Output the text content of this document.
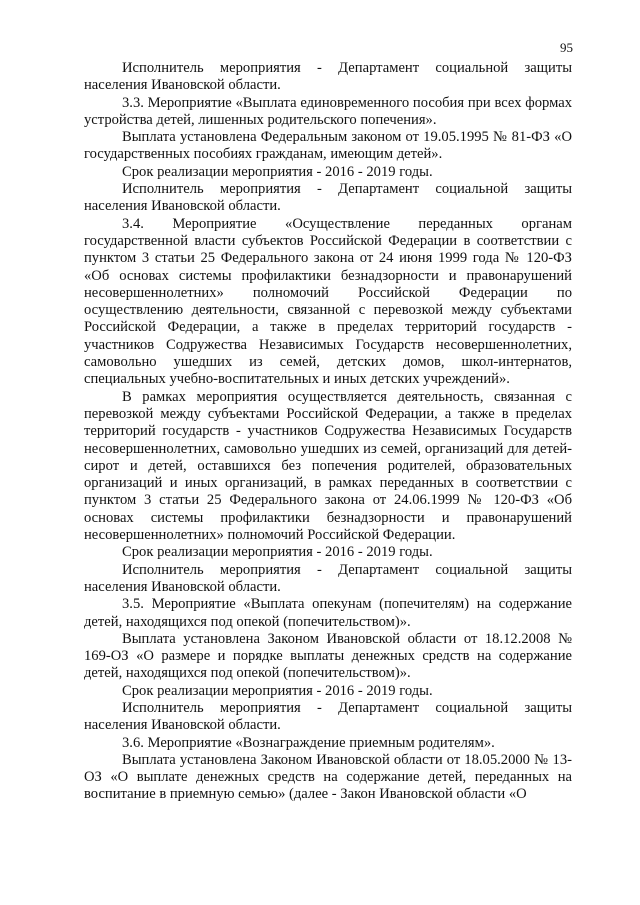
95

Исполнитель мероприятия - Департамент социальной защиты населения Ивановской области.

3.3. Мероприятие «Выплата единовременного пособия при всех формах устройства детей, лишенных родительского попечения».

Выплата установлена Федеральным законом от 19.05.1995 № 81-ФЗ «О государственных пособиях гражданам, имеющим детей».

Срок реализации мероприятия - 2016 - 2019 годы.

Исполнитель мероприятия - Департамент социальной защиты населения Ивановской области.

3.4. Мероприятие «Осуществление переданных органам государственной власти субъектов Российской Федерации в соответствии с пунктом 3 статьи 25 Федерального закона от 24 июня 1999 года № 120-ФЗ «Об основах системы профилактики безнадзорности и правонарушений несовершеннолетних» полномочий Российской Федерации по осуществлению деятельности, связанной с перевозкой между субъектами Российской Федерации, а также в пределах территорий государств - участников Содружества Независимых Государств несовершеннолетних, самовольно ушедших из семей, детских домов, школ-интернатов, специальных учебно-воспитательных и иных детских учреждений».

В рамках мероприятия осуществляется деятельность, связанная с перевозкой между субъектами Российской Федерации, а также в пределах территорий государств - участников Содружества Независимых Государств несовершеннолетних, самовольно ушедших из семей, организаций для детей-сирот и детей, оставшихся без попечения родителей, образовательных организаций и иных организаций, в рамках переданных в соответствии с пунктом 3 статьи 25 Федерального закона от 24.06.1999 № 120-ФЗ «Об основах системы профилактики безнадзорности и правонарушений несовершеннолетних» полномочий Российской Федерации.

Срок реализации мероприятия - 2016 - 2019 годы.

Исполнитель мероприятия - Департамент социальной защиты населения Ивановской области.

3.5. Мероприятие «Выплата опекунам (попечителям) на содержание детей, находящихся под опекой (попечительством)».

Выплата установлена Законом Ивановской области от 18.12.2008 № 169-ОЗ «О размере и порядке выплаты денежных средств на содержание детей, находящихся под опекой (попечительством)».

Срок реализации мероприятия - 2016 - 2019 годы.

Исполнитель мероприятия - Департамент социальной защиты населения Ивановской области.

3.6. Мероприятие «Вознаграждение приемным родителям».

Выплата установлена Законом Ивановской области от 18.05.2000 № 13-ОЗ «О выплате денежных средств на содержание детей, переданных на воспитание в приемную семью» (далее - Закон Ивановской области «О
